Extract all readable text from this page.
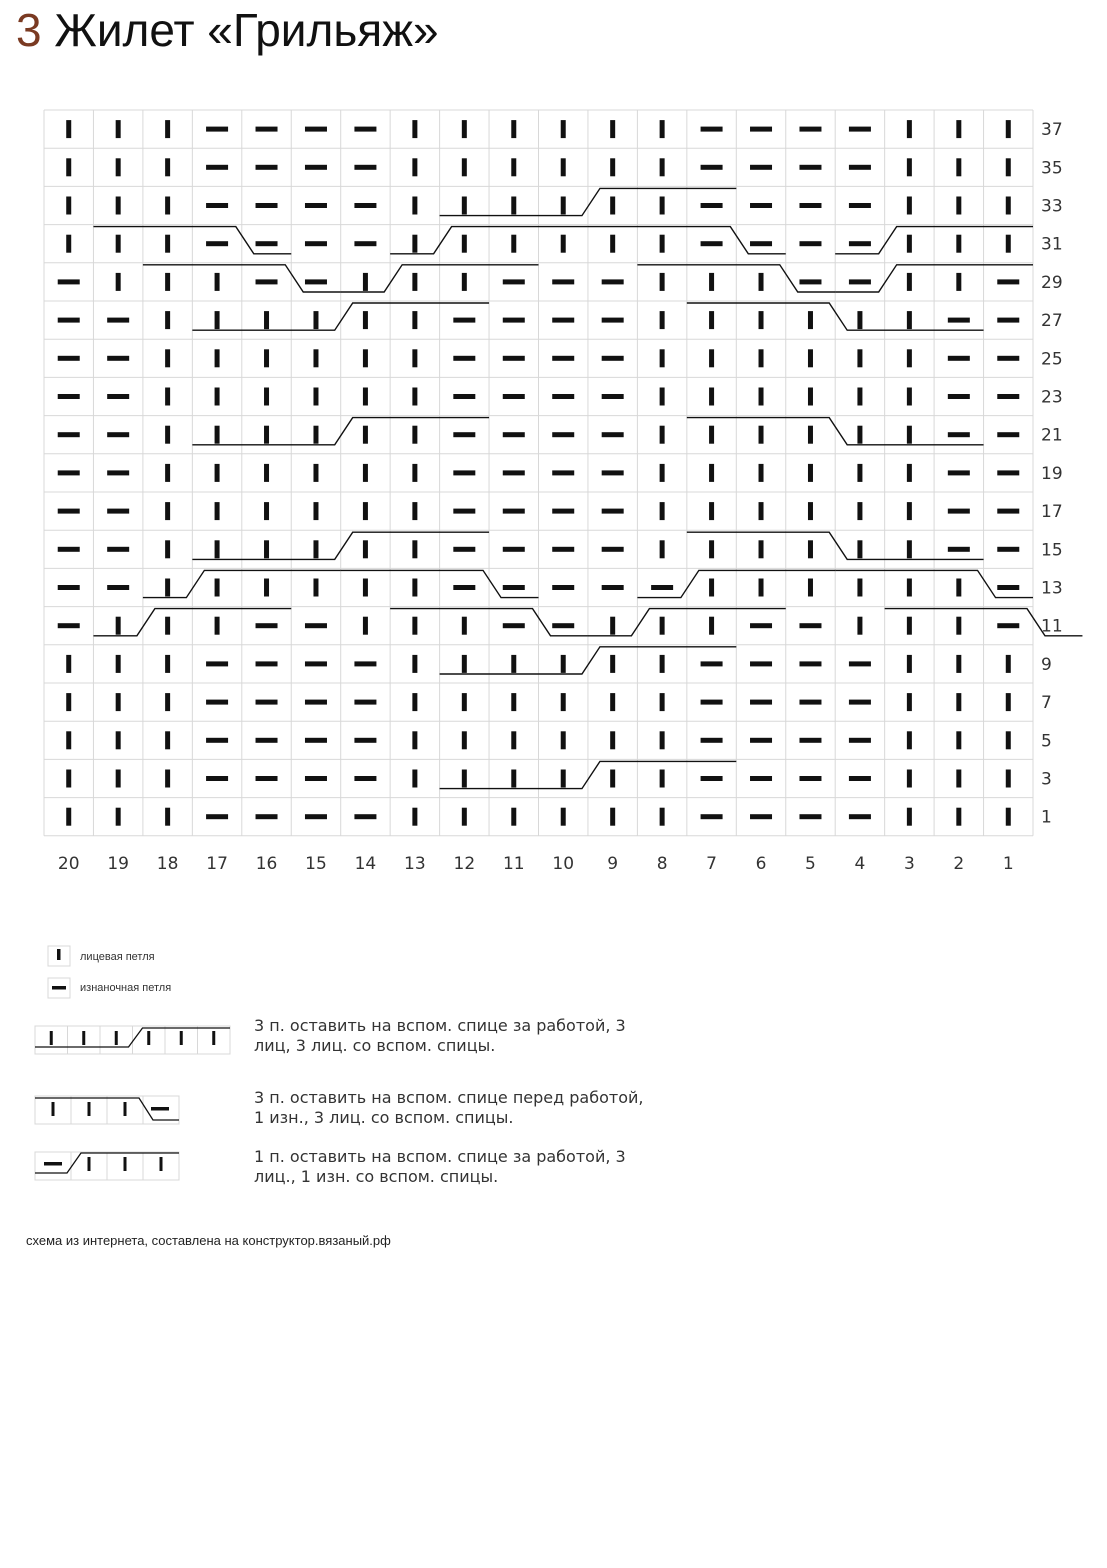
3 Жилет «Грильяж»
37
35
33
31
29
27
25
23
21
19
17
15
13
11
9
7
5
3
1
20 19 18 17 16 15 14 13 12 11 10 9 8 7 6 5 4 3 2 1
лицевая петля
изнаночная петля
3 п. оставить на вспом. спице за работой, 3 лиц, 3 лиц. со вспом. спицы.
3 п. оставить на вспом. спице перед работой, 1 изн., 3 лиц. со вспом. спицы.
1 п. оставить на вспом. спице за работой, 3 лиц., 1 изн. со вспом. спицы.
схема из интернета, составлена на конструктор.вязаный.рф
